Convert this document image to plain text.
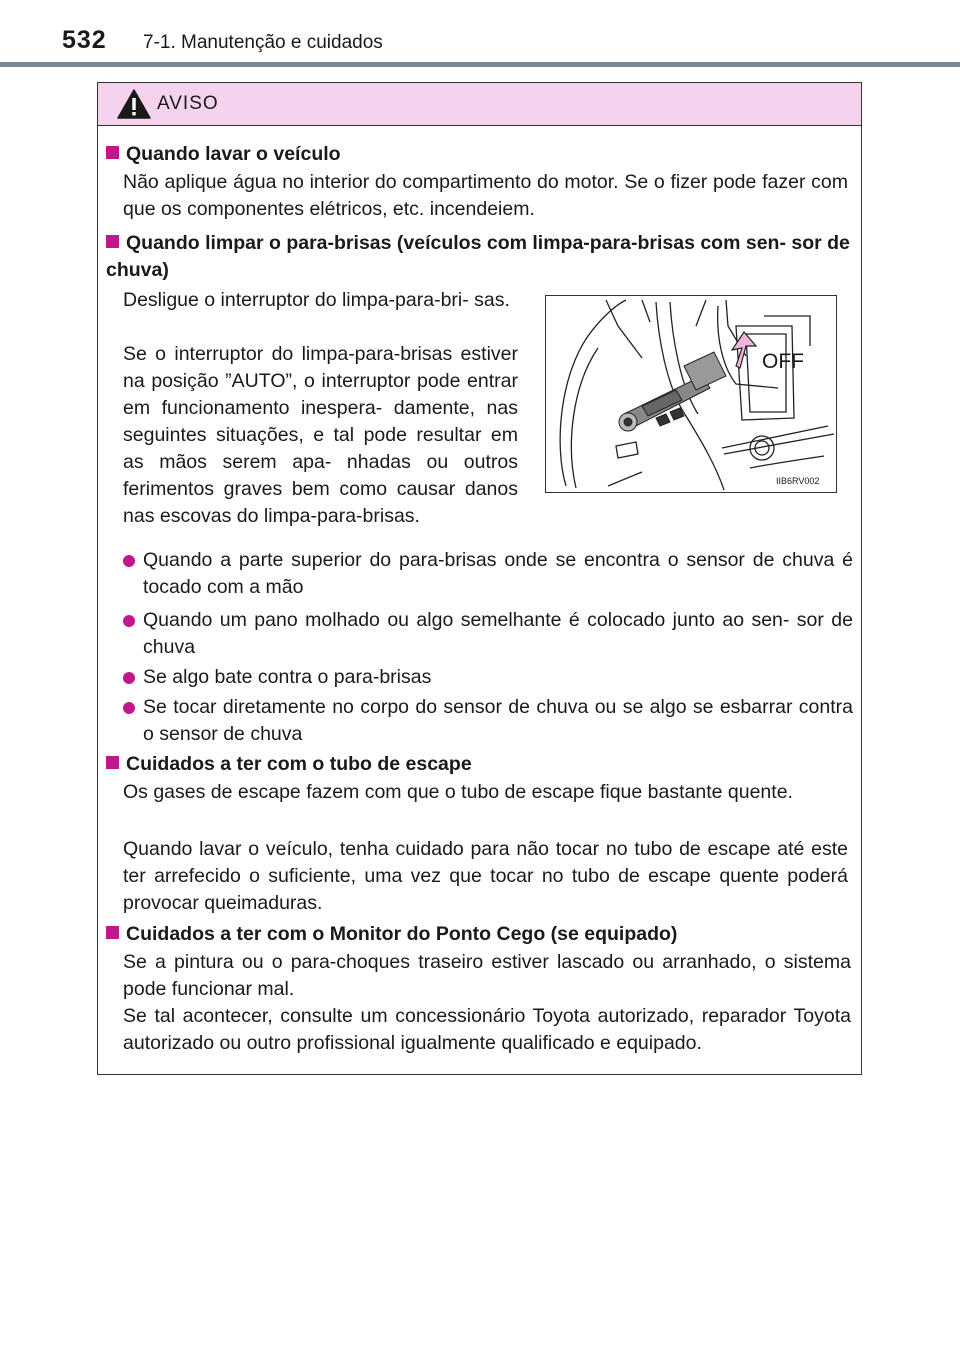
532 7-1. Manutenção e cuidados
AVISO
Quando lavar o veículo
Não aplique água no interior do compartimento do motor. Se o fizer pode fazer com que os componentes elétricos, etc. incendeiem.
Quando limpar o para-brisas (veículos com limpa-para-brisas com sen- sor de chuva)
Desligue o interruptor do limpa-para-bri- sas.
Se o interruptor do limpa-para-brisas estiver na posição ”AUTO”, o interruptor pode entrar em funcionamento inespera- damente, nas seguintes situações, e tal pode resultar em as mãos serem apa- nhadas ou outros ferimentos graves bem como causar danos nas escovas do limpa-para-brisas.
OFF
IIB6RV002
Quando a parte superior do para-brisas onde se encontra o sensor de chuva é tocado com a mão
Quando um pano molhado ou algo semelhante é colocado junto ao sen- sor de chuva
Se algo bate contra o para-brisas
Se tocar diretamente no corpo do sensor de chuva ou se algo se esbarrar contra o sensor de chuva
Cuidados a ter com o tubo de escape
Os gases de escape fazem com que o tubo de escape fique bastante quente.
Quando lavar o veículo, tenha cuidado para não tocar no tubo de escape até este ter arrefecido o suficiente, uma vez que tocar no tubo de escape quente poderá provocar queimaduras.
Cuidados a ter com o Monitor do Ponto Cego (se equipado)
Se a pintura ou o para-choques traseiro estiver lascado ou arranhado, o sistema pode funcionar mal.
Se tal acontecer, consulte um concessionário Toyota autorizado, reparador Toyota autorizado ou outro profissional igualmente qualificado e equipado.
